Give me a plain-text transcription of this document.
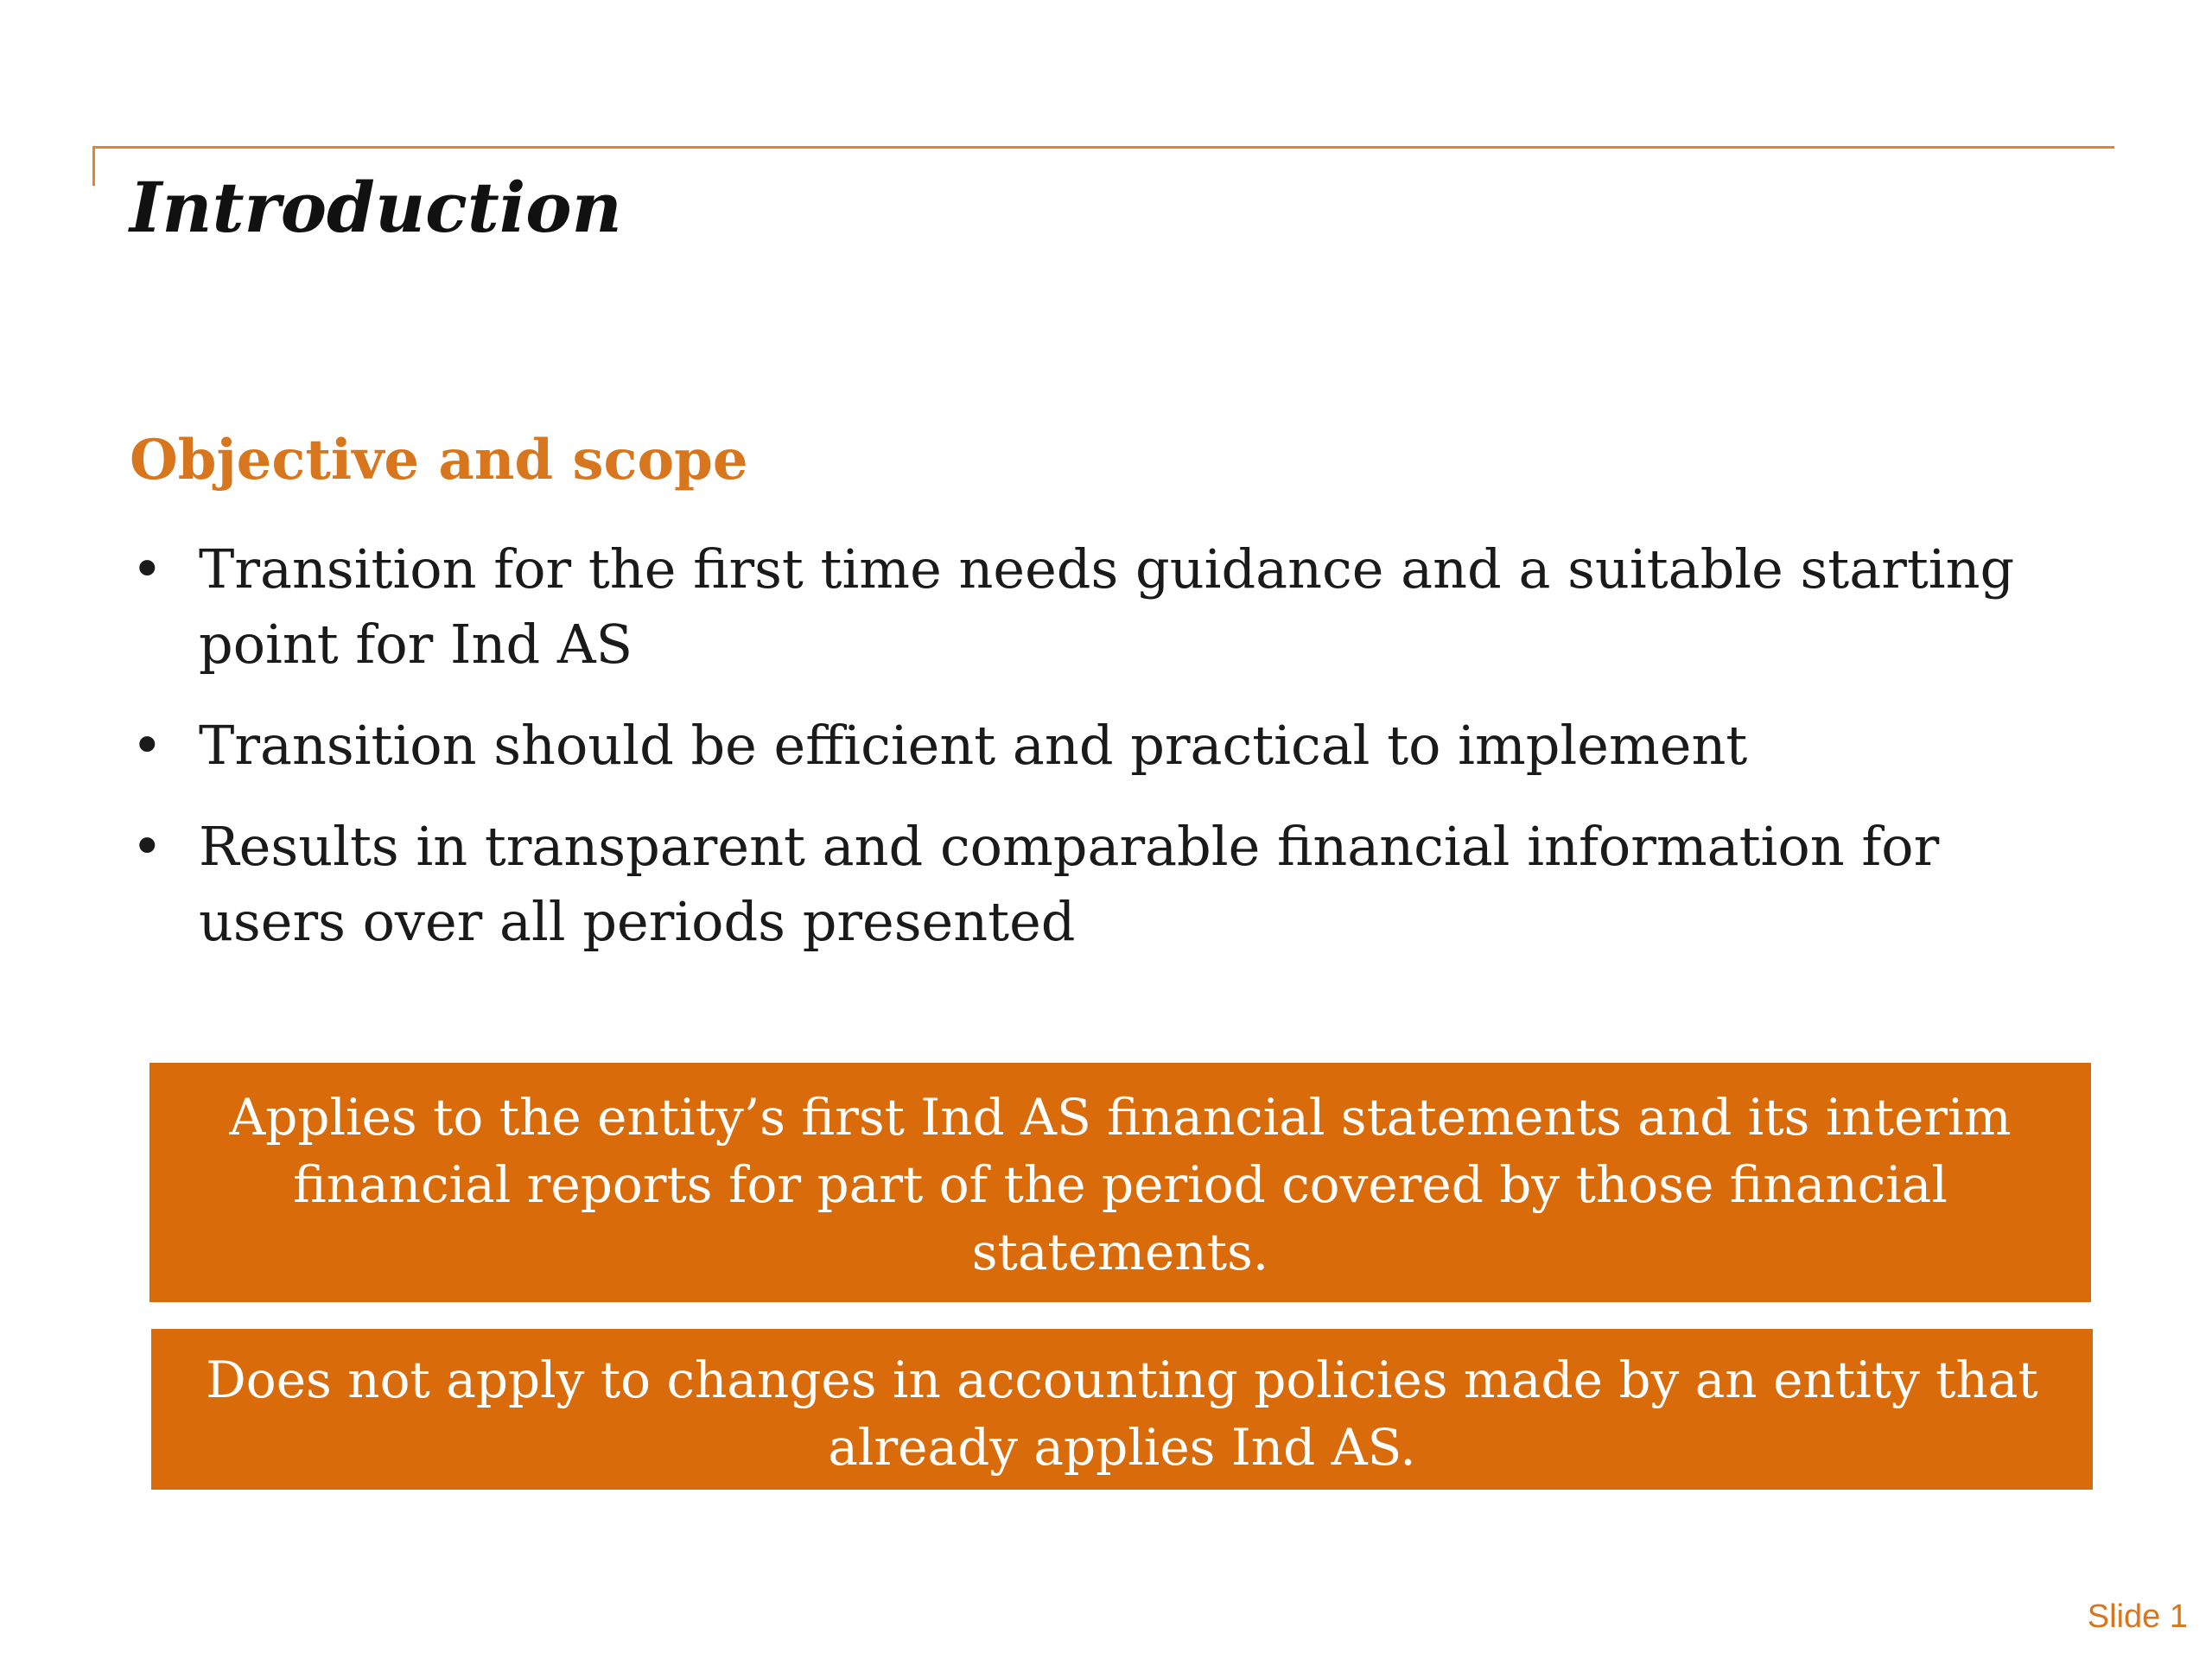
Introduction
Objective and scope
• Transition for the first time needs guidance and a suitable starting point for Ind AS
• Transition should be efficient and practical to implement
• Results in transparent and comparable financial information for users over all periods presented
Applies to the entity’s first Ind AS financial statements and its interim financial reports for part of the period covered by those financial statements.
Does not apply to changes in accounting policies made by an entity that already applies Ind AS.
Slide 1
